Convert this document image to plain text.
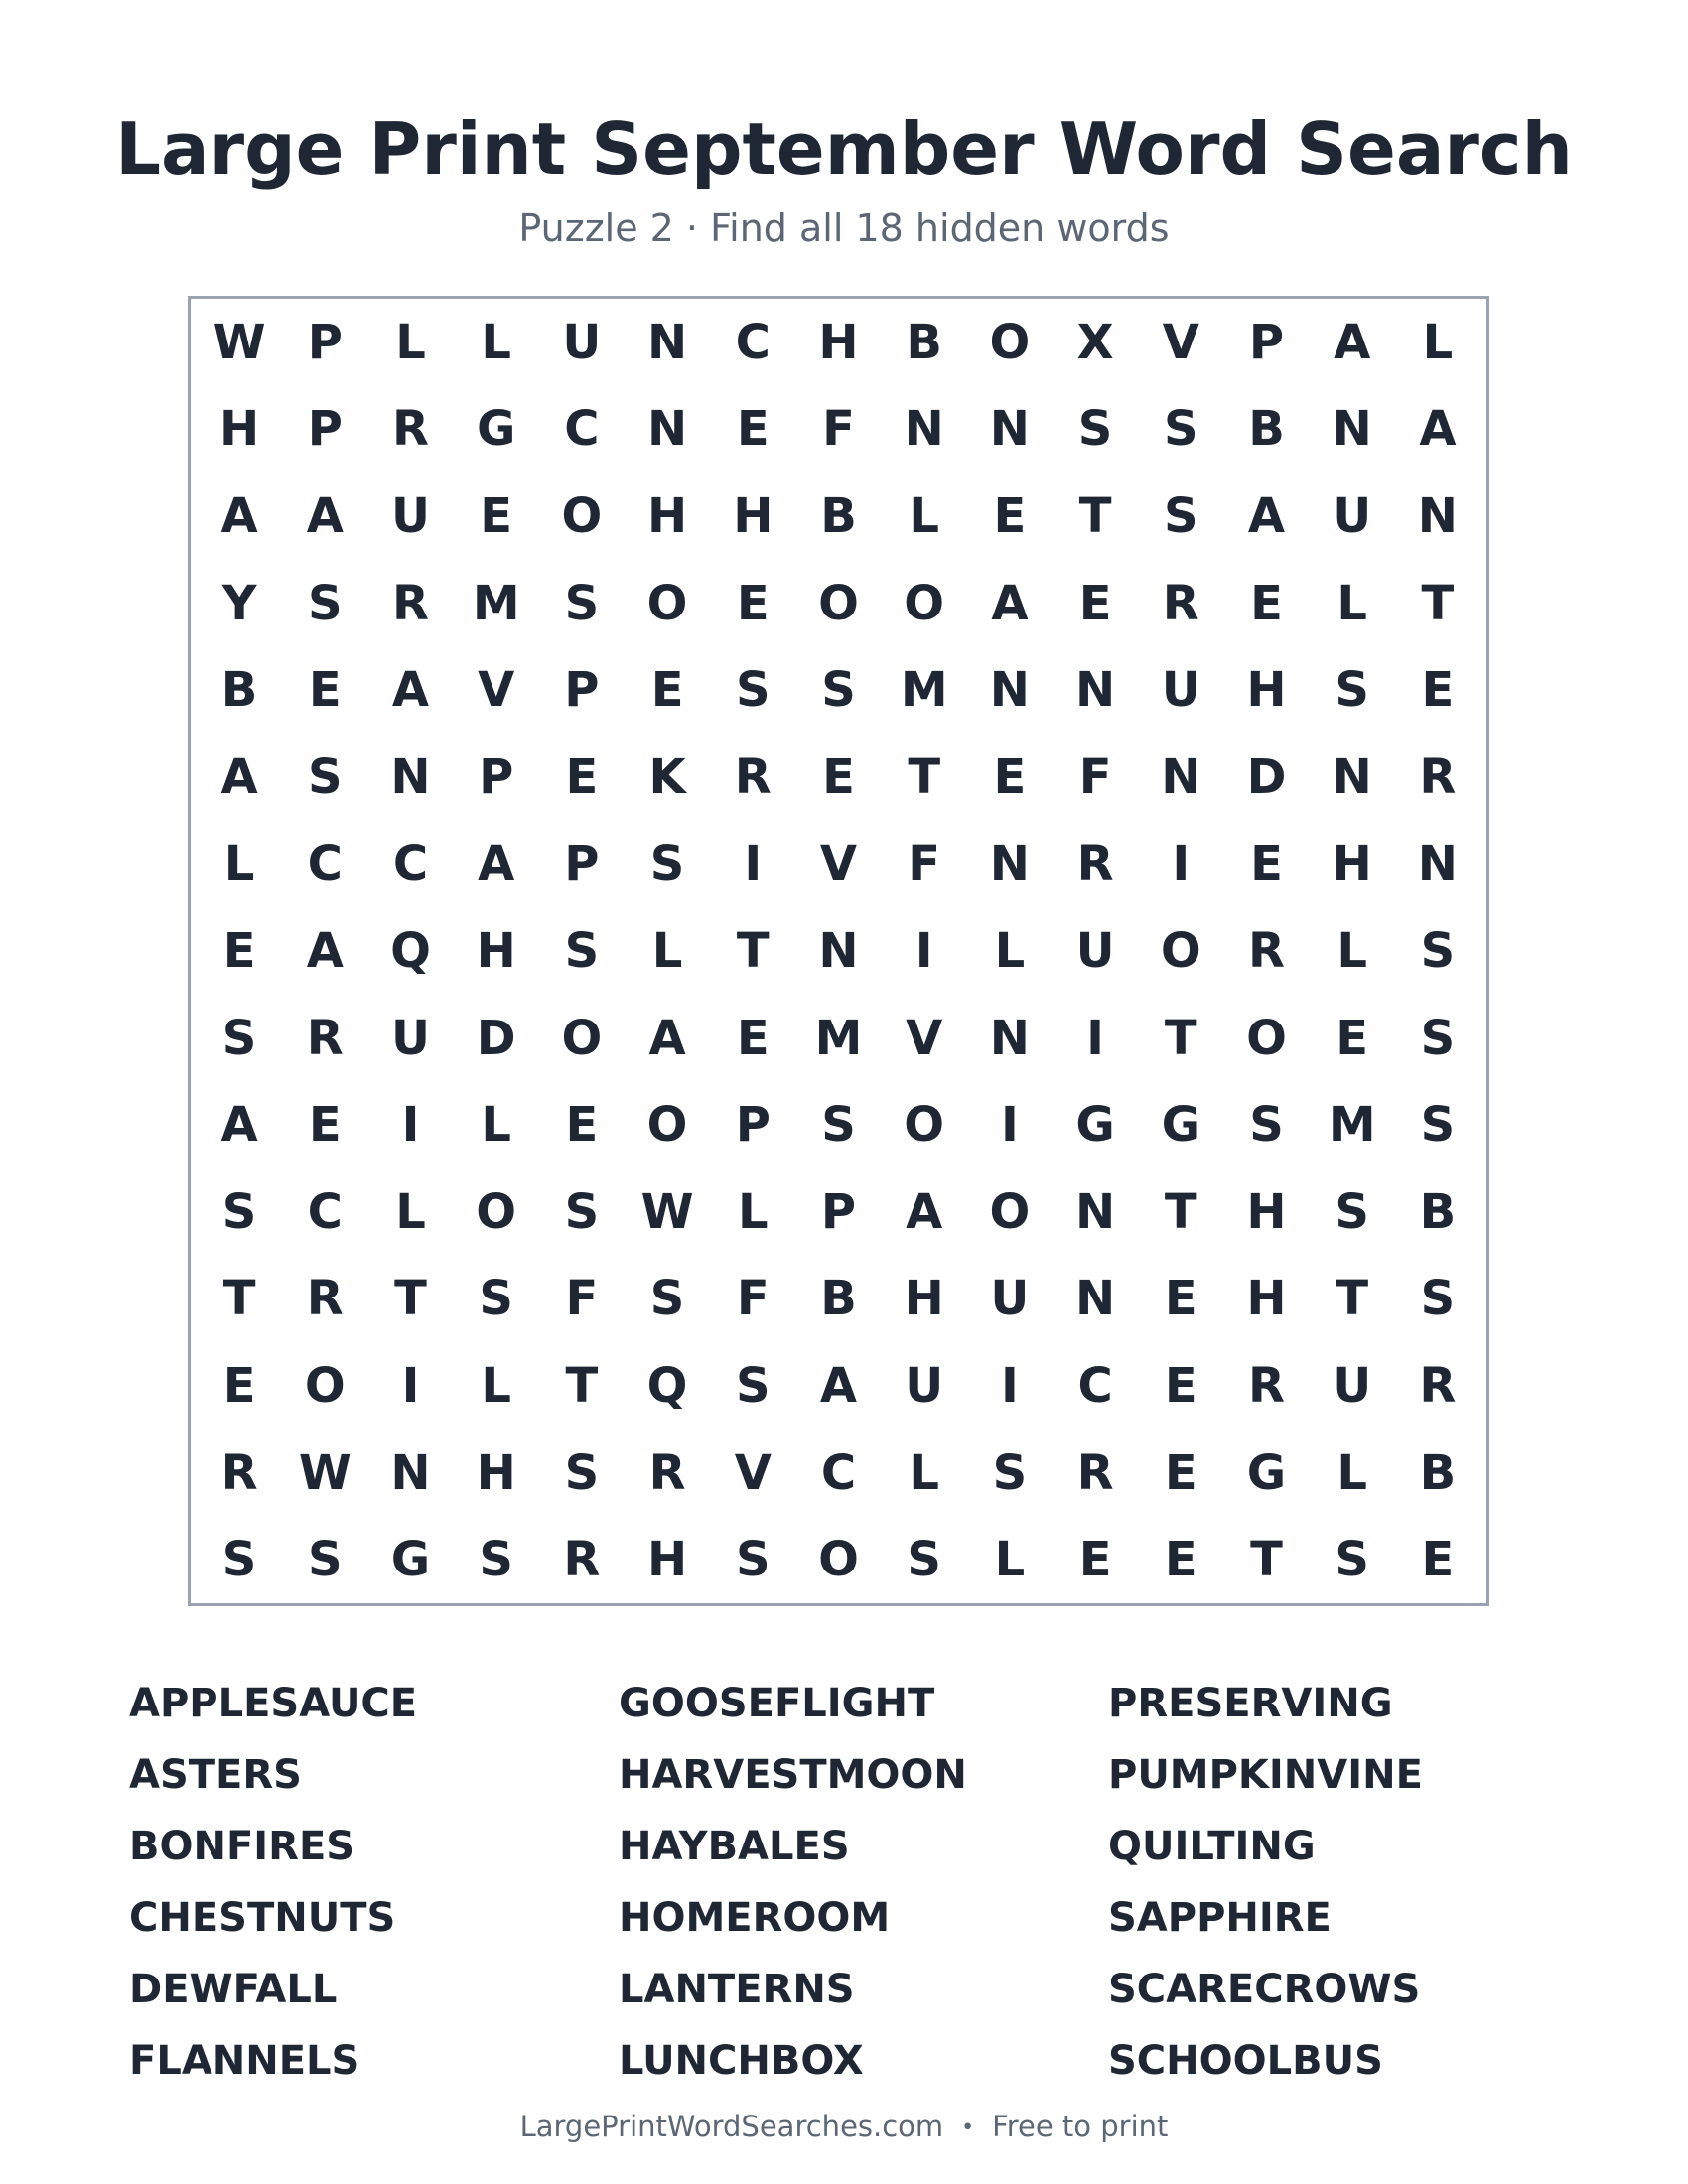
Large Print September Word Search
Puzzle 2 · Find all 18 hidden words
W P	L	L	U N	C	H B O X	V	P	A	L
H	P	R	G	C	N	E	F	N N	S	S	B N A
A	A	U	E	O H H B	L	E	T	S	A	U N
Y	S	R M S	O	E	O O A	E	R	E	L	T
B	E	A	V	P	E	S	S M N N U H	S	E
A	S	N	P	E	K	R	E	T	E	F	N D N R
L	C	C	A	P	S	I	V	F	N R	I	E	H N
E	A Q H	S	L	T	N	I	L	U O R	L	S
S	R	U D O A	E M V N	I	T	O	E	S
A	E	I	L	E	O	P	S	O	I	G G	S M S
S	C	L	O	S W L	P	A O N	T	H	S	B
T	R	T	S	F	S	F	B H U N	E	H	T	S
E	O	I	L	T	Q	S	A	U	I	C	E	R	U	R
R W N H	S	R	V	C	L	S	R	E	G	L	B
S	S	G	S	R H	S	O	S	L	E	E	T	S	E
APPLESAUCE	GOOSEFLIGHT	PRESERVING
ASTERS	HARVESTMOON	PUMPKINVINE
BONFIRES	HAYBALES	QUILTING
CHESTNUTS	HOMEROOM	SAPPHIRE
DEWFALL	LANTERNS	SCARECROWS
FLANNELS	LUNCHBOX	SCHOOLBUS
LargePrintWordSearches.com • Free to print
